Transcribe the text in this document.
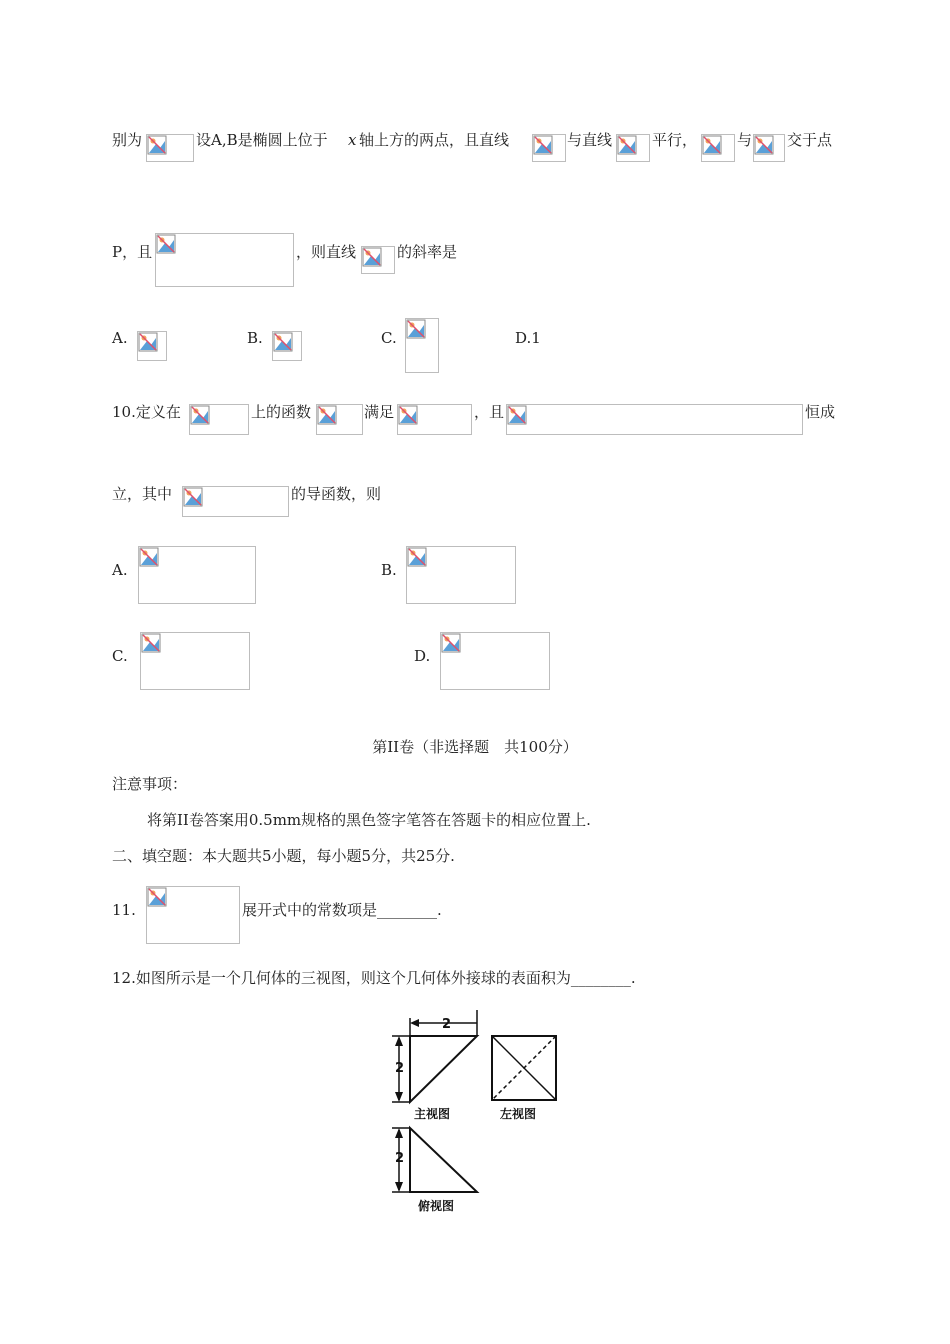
别为	设A,B是椭圆上位于 x 轴上方的两点，且直线	与直线	平行，	与 交于点
P，且	，则直线	的斜率是
A.	B.	C.	D.1
10.定义在	上的函数	满足	，且	恒成
立，其中	的导函数，则
A.	B.
C.	D.
第II卷（非选择题　共100分）
注意事项：
将第II卷答案用0.5mm规格的黑色签字笔答在答题卡的相应位置上.
二、填空题：本大题共5小题，每小题5分，共25分.
11.	展开式中的常数项是________.
12.如图所示是一个几何体的三视图，则这个几何体外接球的表面积为________.
2
2
主视图	左视图
2
俯视图
